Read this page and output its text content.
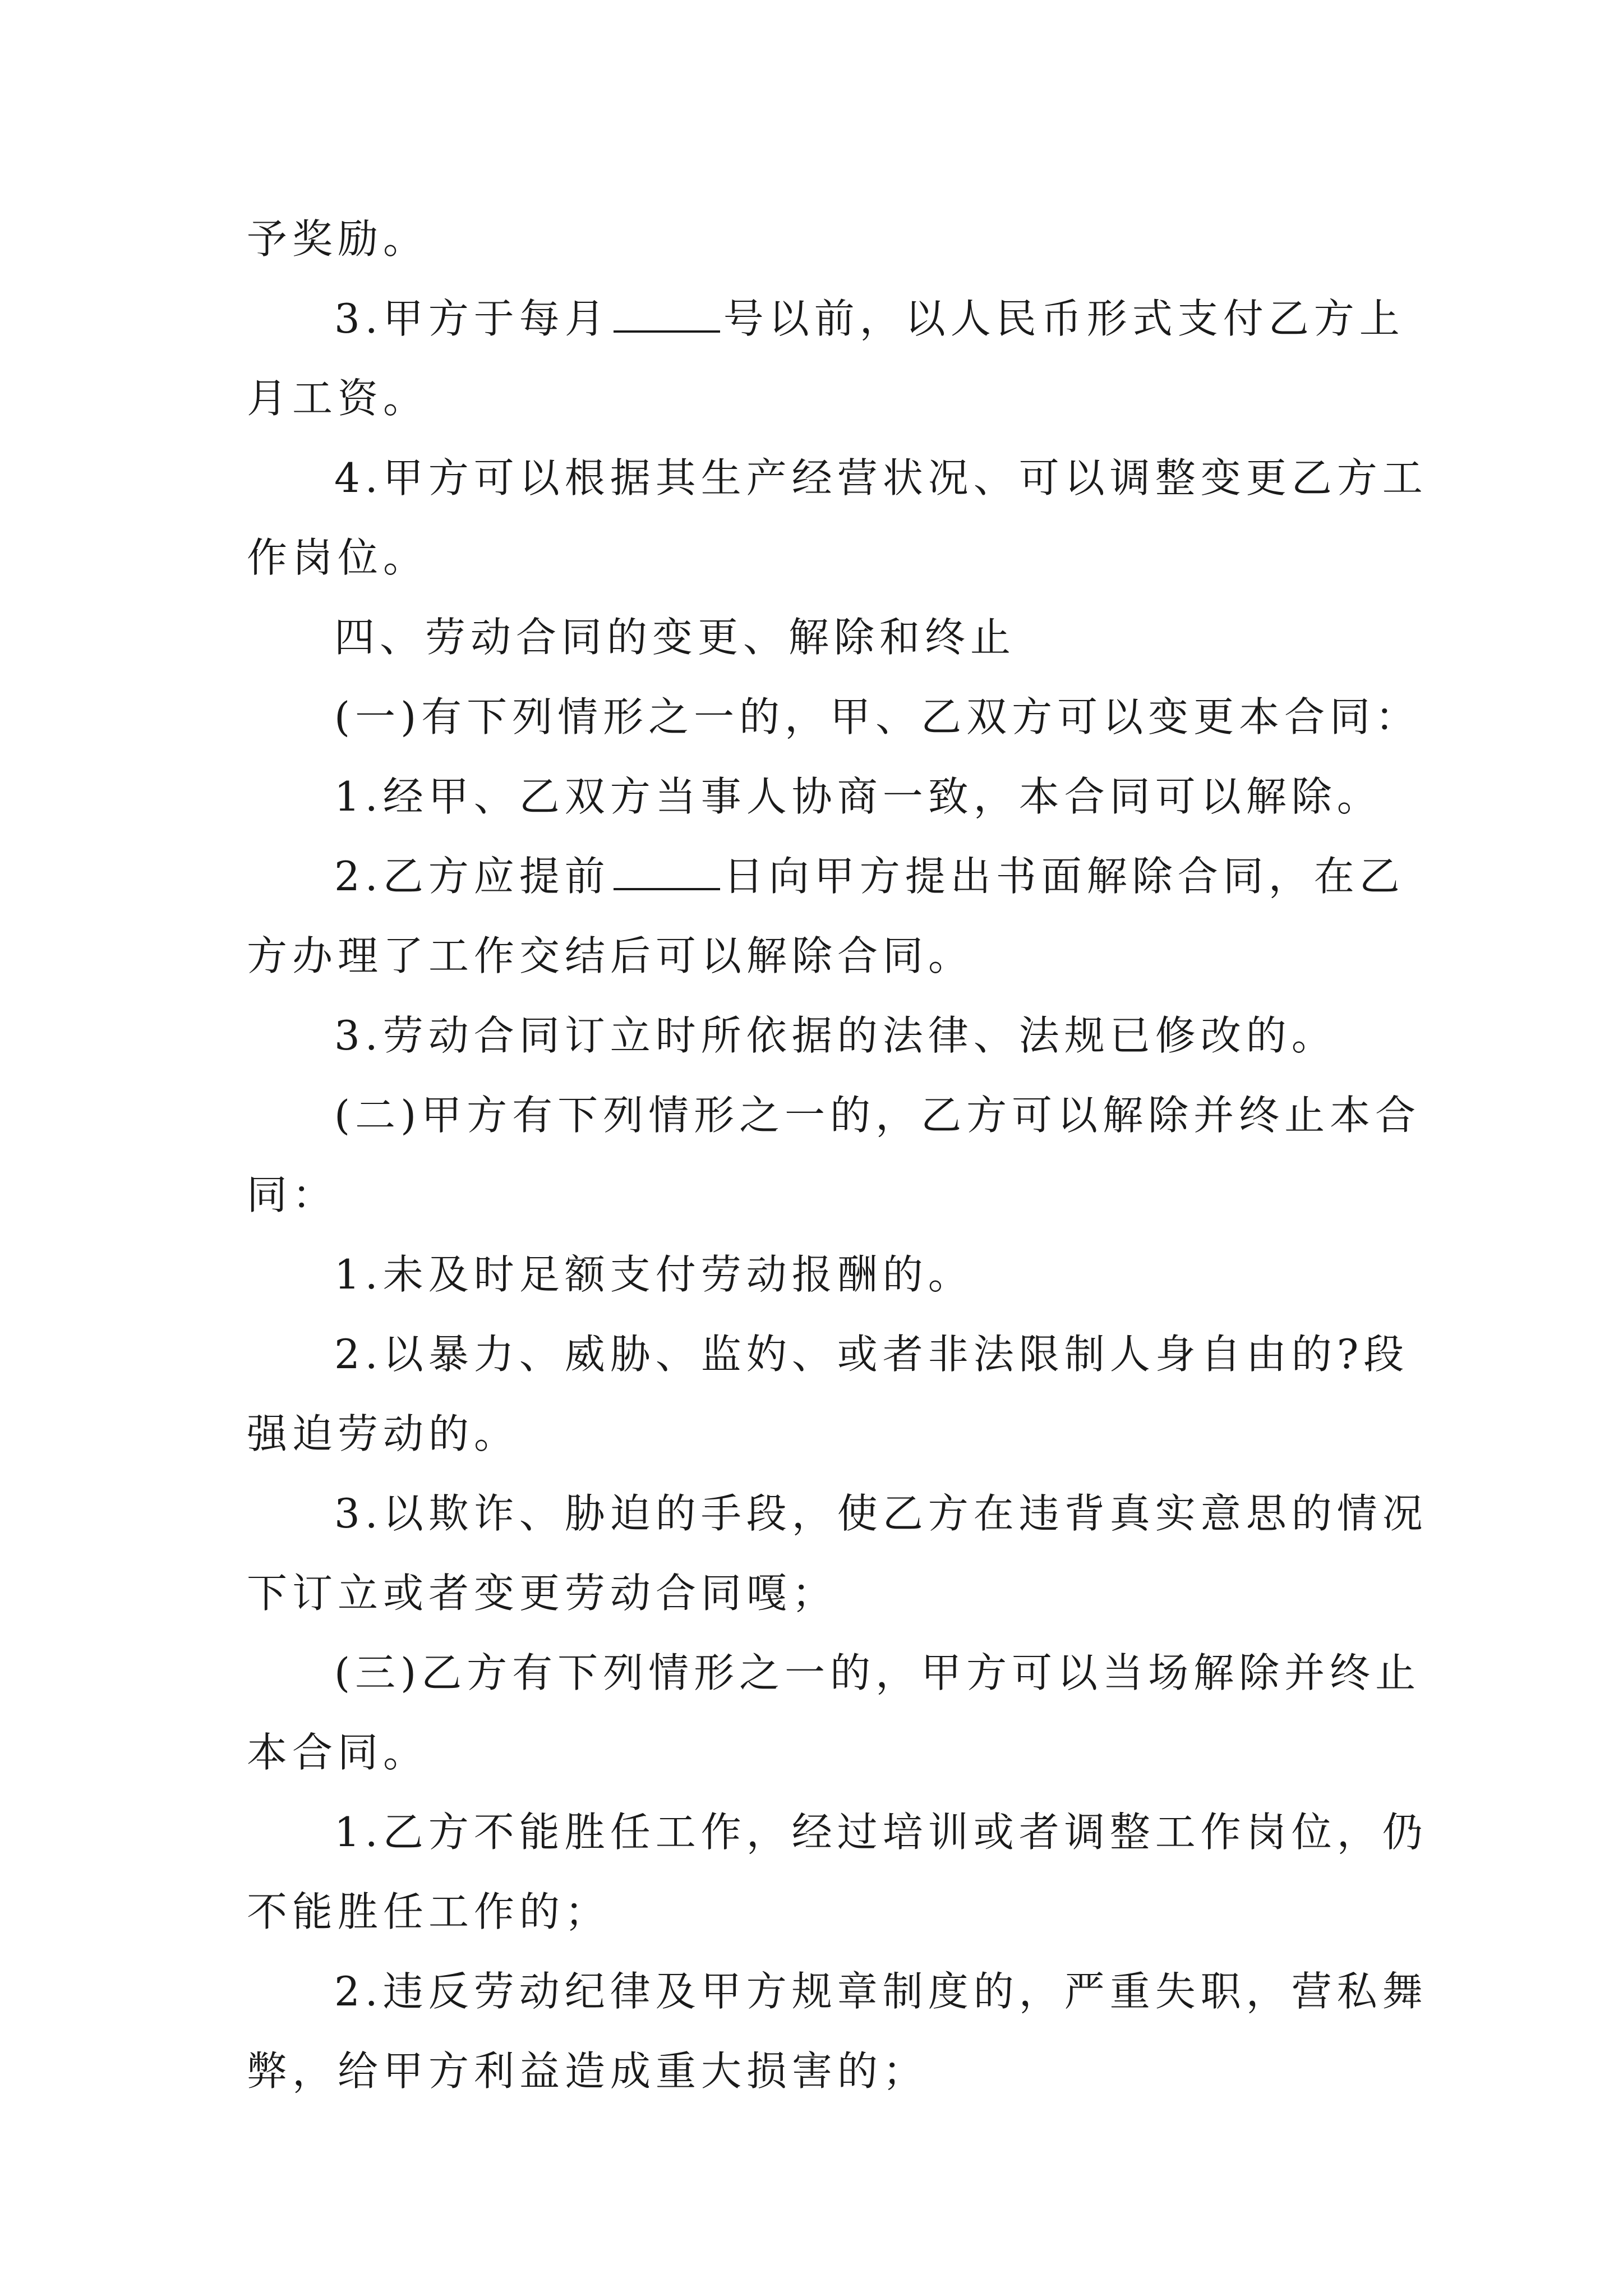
予奖励。
3.甲方于每月	号以前，以人民币形式支付乙方上
月工资。
4.甲方可以根据其生产经营状况、可以调整变更乙方工
作岗位。
四、劳动合同的变更、解除和终止
(一)有下列情形之一的，甲、乙双方可以变更本合同：
1.经甲、乙双方当事人协商一致，本合同可以解除。
2.乙方应提前	日向甲方提出书面解除合同，在乙
方办理了工作交结后可以解除合同。
3.劳动合同订立时所依据的法律、法规已修改的。
(二)甲方有下列情形之一的，乙方可以解除并终止本合
同：
1.未及时足额支付劳动报酬的。
2.以暴力、威胁、监妁、或者非法限制人身自由的?段
强迫劳动的。
3.以欺诈、胁迫的手段，使乙方在违背真实意思的情况
下订立或者变更劳动合同嘎；
(三)乙方有下列情形之一的，甲方可以当场解除并终止
本合同。
1.乙方不能胜任工作，经过培训或者调整工作岗位，仍
不能胜任工作的；
2.违反劳动纪律及甲方规章制度的，严重失职，营私舞
弊，给甲方利益造成重大损害的；
